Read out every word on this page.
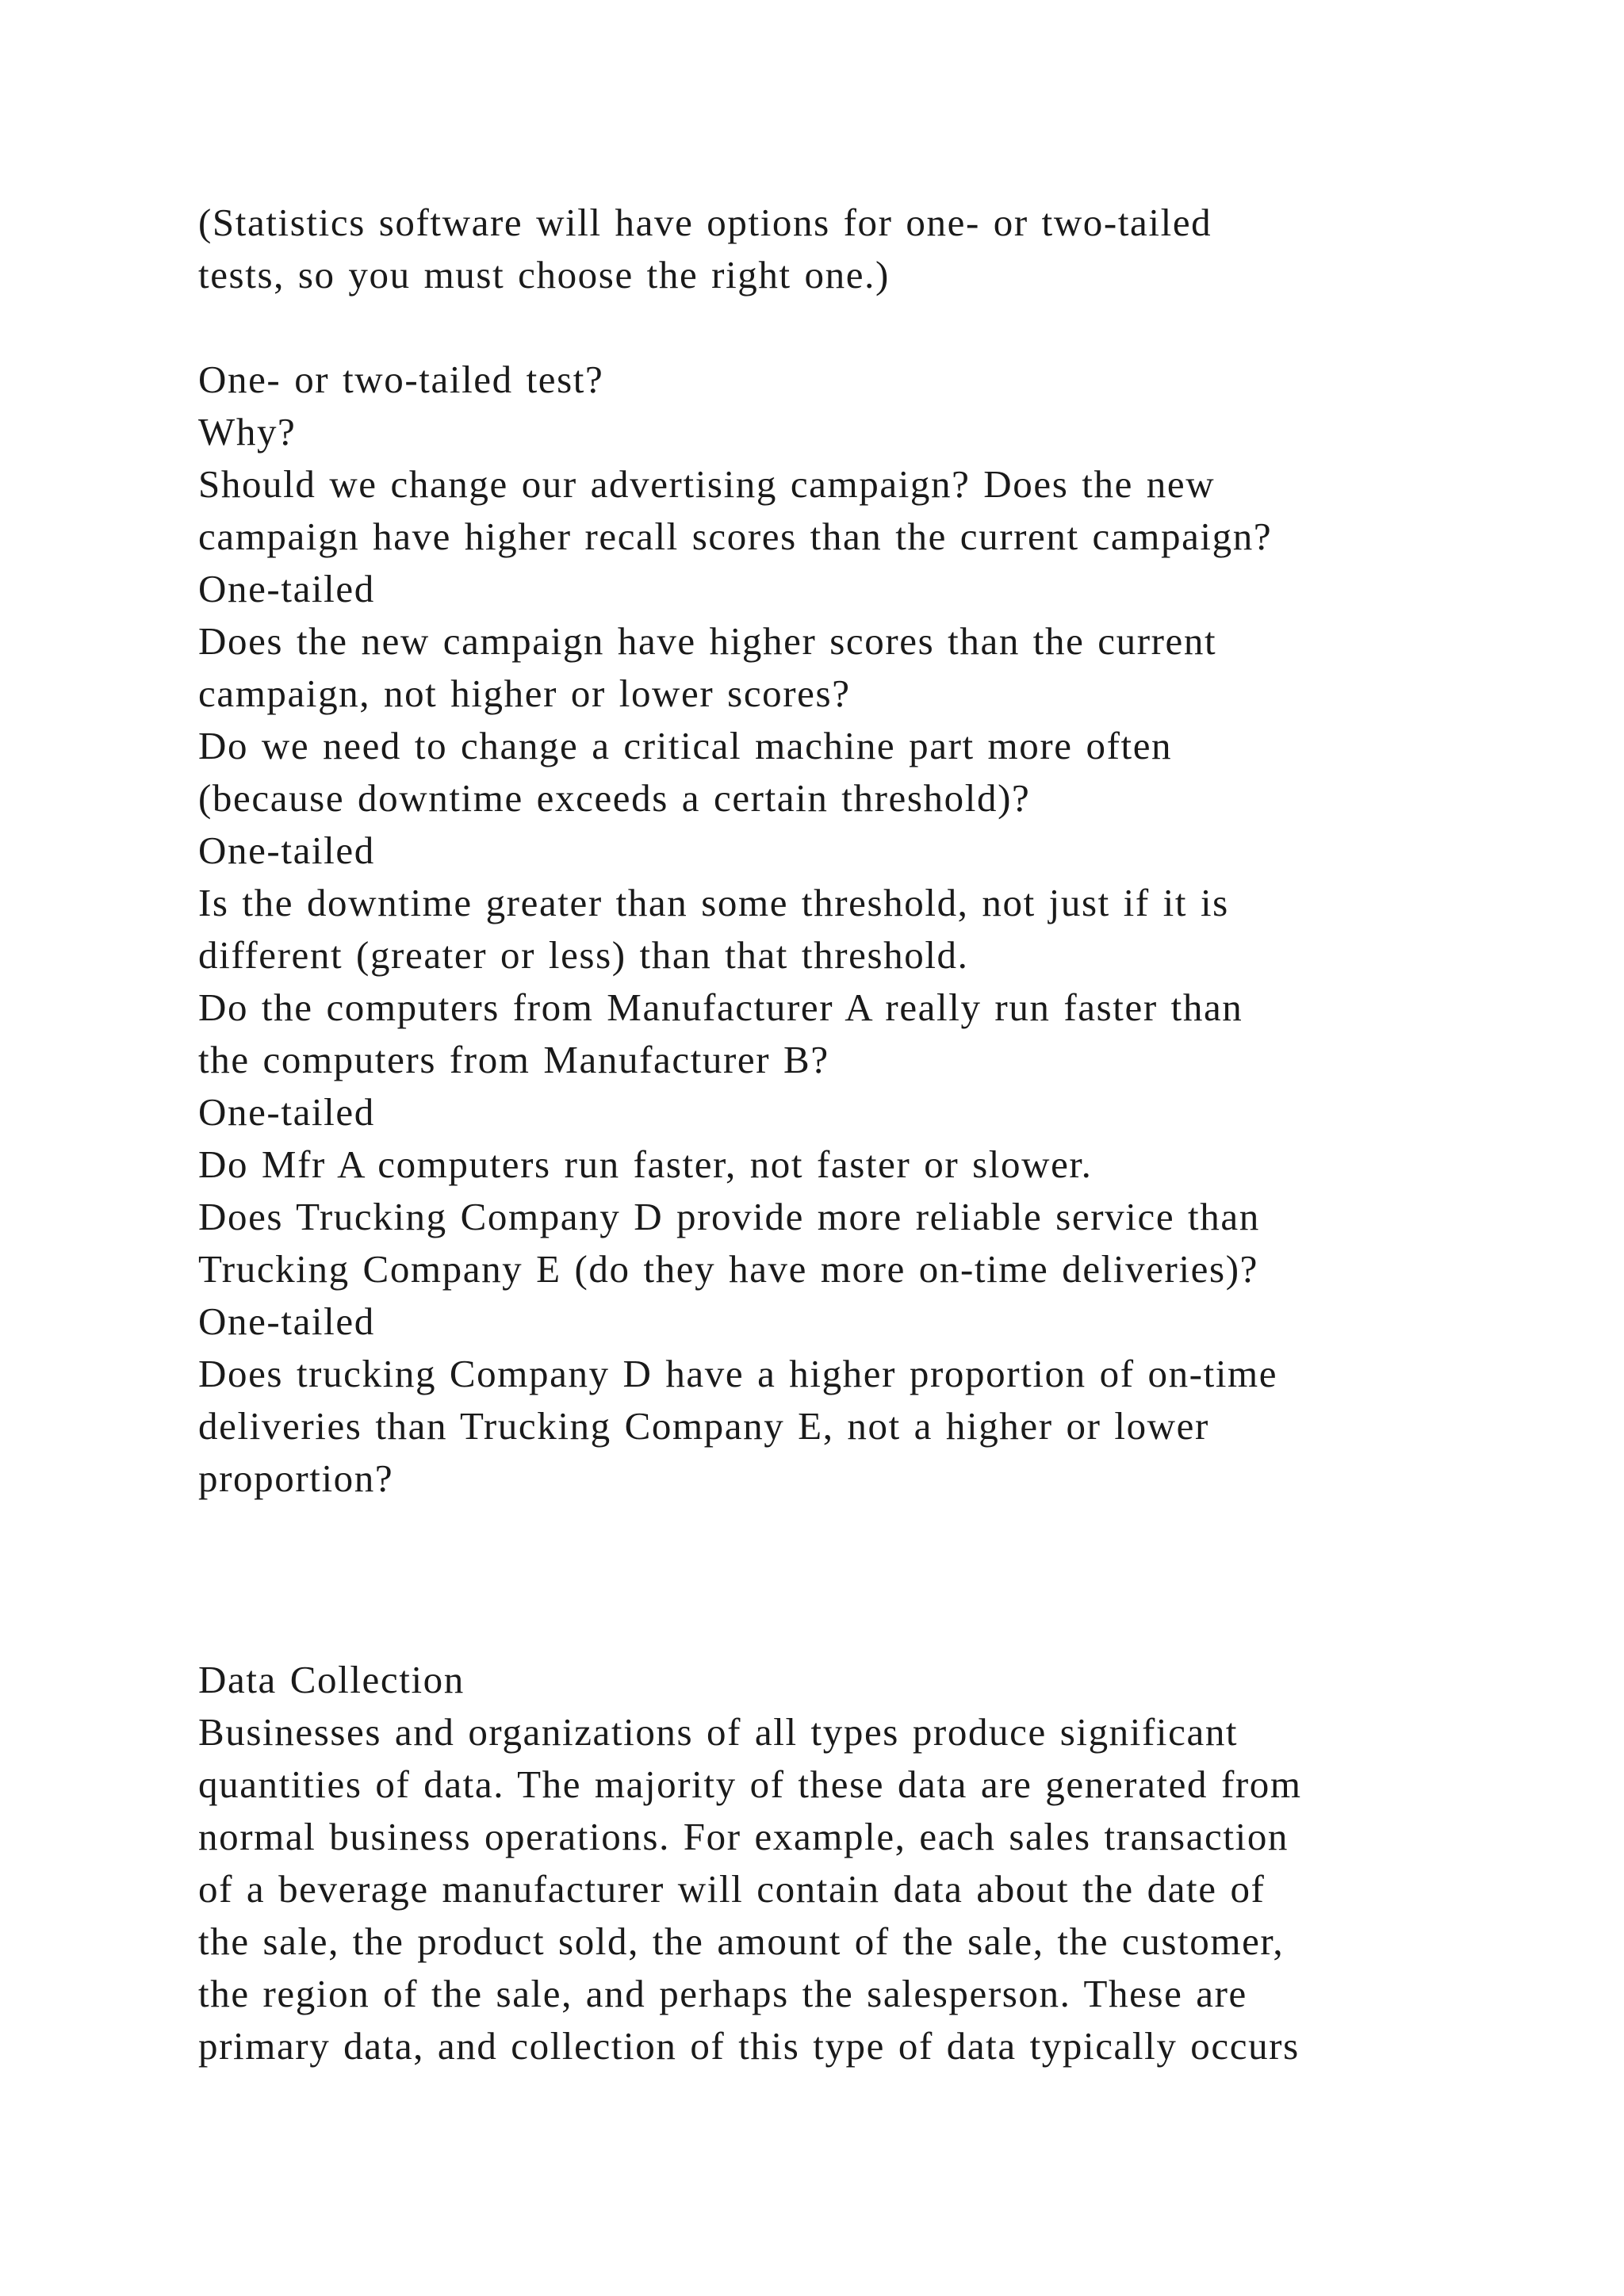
(Statistics software will have options for one- or two-tailed
tests, so you must choose the right one.)
One- or two-tailed test?
Why?
Should we change our advertising campaign? Does the new
campaign have higher recall scores than the current campaign?
One-tailed
Does the new campaign have higher scores than the current
campaign, not higher or lower scores?
Do we need to change a critical machine part more often
(because downtime exceeds a certain threshold)?
One-tailed
Is the downtime greater than some threshold, not just if it is
different (greater or less) than that threshold.
Do the computers from Manufacturer A really run faster than
the computers from Manufacturer B?
One-tailed
Do Mfr A computers run faster, not faster or slower.
Does Trucking Company D provide more reliable service than
Trucking Company E (do they have more on-time deliveries)?
One-tailed
Does trucking Company D have a higher proportion of on-time
deliveries than Trucking Company E, not a higher or lower
proportion?
Data Collection
Businesses and organizations of all types produce significant
quantities of data. The majority of these data are generated from
normal business operations. For example, each sales transaction
of a beverage manufacturer will contain data about the date of
the sale, the product sold, the amount of the sale, the customer,
the region of the sale, and perhaps the salesperson. These are
primary data, and collection of this type of data typically occurs
